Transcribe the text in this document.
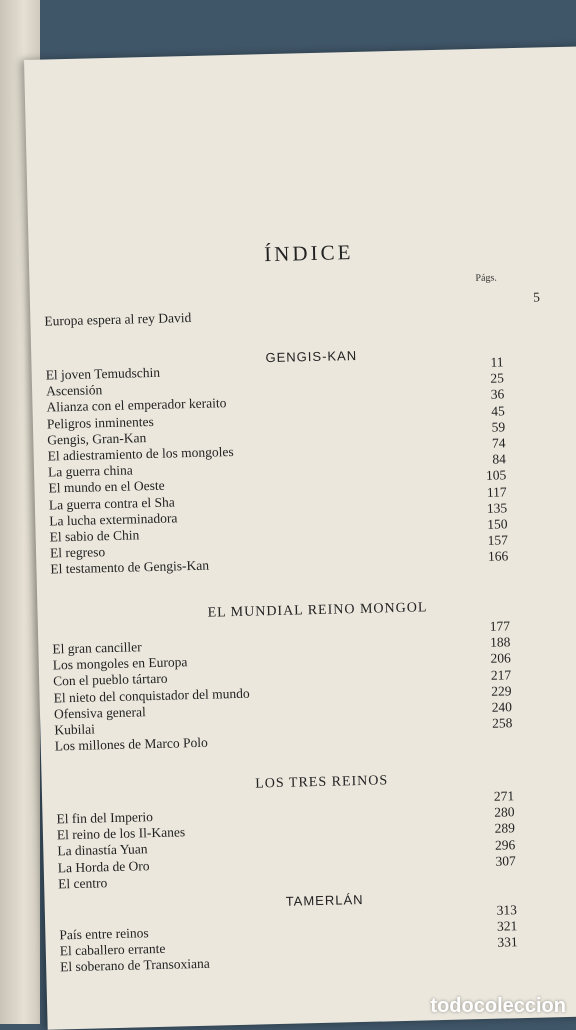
ÍNDICE
Págs.
Europa espera al rey David
5
GENGIS-KAN
El joven Temudschin
Ascensión
Alianza con el emperador keraito
Peligros inminentes
Gengis, Gran-Kan
El adiestramiento de los mongoles
La guerra china
El mundo en el Oeste
La guerra contra el Sha
La lucha exterminadora
El sabio de Chin
El regreso
El testamento de Gengis-Kan
11
25
36
45
59
74
84
105
117
135
150
157
166
EL MUNDIAL REINO MONGOL
El gran canciller
Los mongoles en Europa
Con el pueblo tártaro
El nieto del conquistador del mundo
Ofensiva general
Kubilai
Los millones de Marco Polo
177
188
206
217
229
240
258
LOS TRES REINOS
El fin del Imperio
El reino de los Il-Kanes
La dinastía Yuan
La Horda de Oro
El centro
271
280
289
296
307
TAMERLÁN
País entre reinos
El caballero errante
El soberano de Transoxiana
313
321
331
todocoleccion
